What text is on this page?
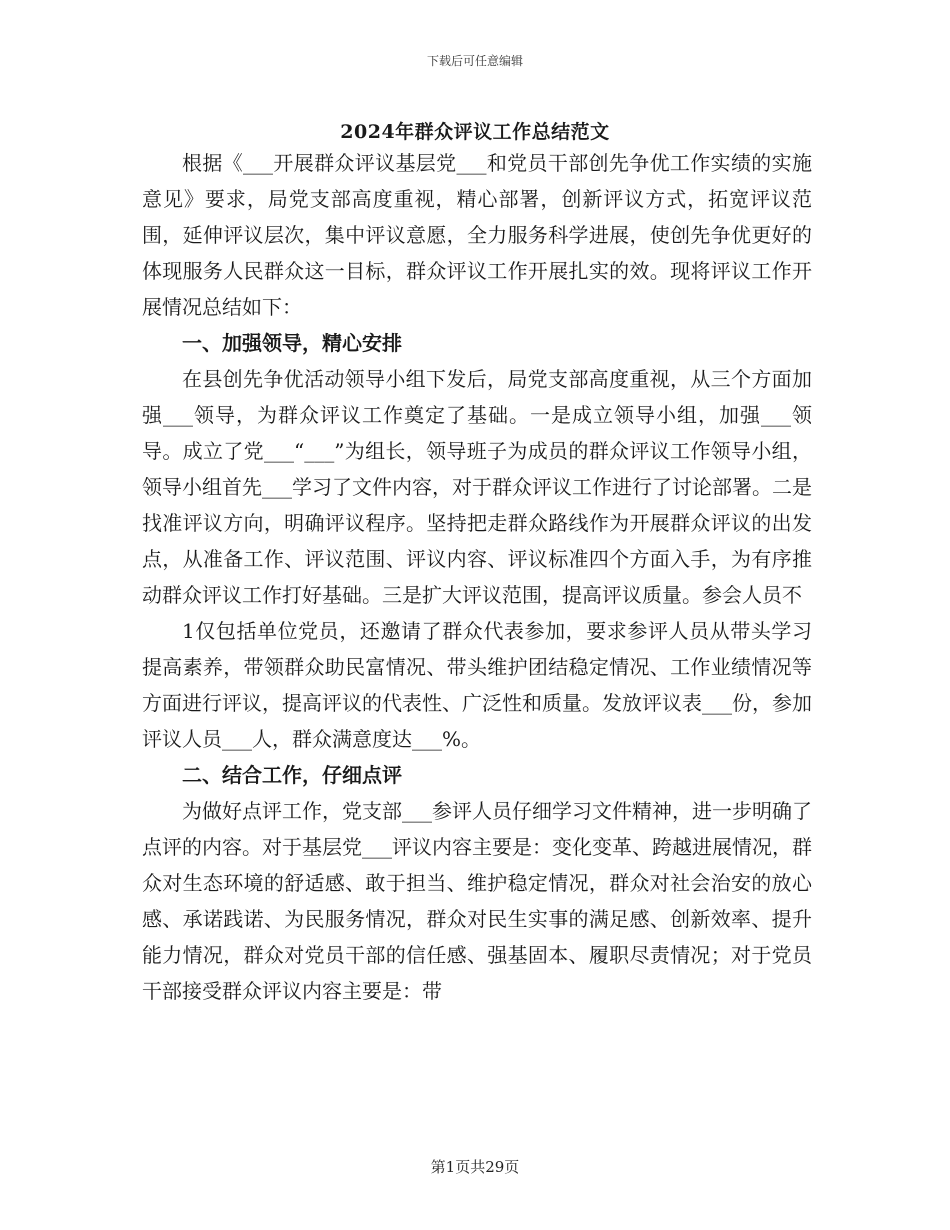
下载后可任意编辑
2024年群众评议工作总结范文

根据《___开展群众评议基层党___和党员干部创先争优工作实绩的实施意见》要求，局党支部高度重视，精心部署，创新评议方式，拓宽评议范围，延伸评议层次，集中评议意愿，全力服务科学进展，使创先争优更好的体现服务人民群众这一目标，群众评议工作开展扎实的效。现将评议工作开展情况总结如下：

一、加强领导，精心安排

在县创先争优活动领导小组下发后，局党支部高度重视，从三个方面加强___领导，为群众评议工作奠定了基础。一是成立领导小组，加强___领导。成立了党___“___”为组长，领导班子为成员的群众评议工作领导小组，领导小组首先___学习了文件内容，对于群众评议工作进行了讨论部署。二是找准评议方向，明确评议程序。坚持把走群众路线作为开展群众评议的出发点，从准备工作、评议范围、评议内容、评议标准四个方面入手，为有序推动群众评议工作打好基础。三是扩大评议范围，提高评议质量。参会人员不

1仅包括单位党员，还邀请了群众代表参加，要求参评人员从带头学习提高素养，带领群众助民富情况、带头维护团结稳定情况、工作业绩情况等方面进行评议，提高评议的代表性、广泛性和质量。发放评议表___份，参加评议人员___人，群众满意度达___%。

二、结合工作，仔细点评

为做好点评工作，党支部___参评人员仔细学习文件精神，进一步明确了点评的内容。对于基层党___评议内容主要是：变化变革、跨越进展情况，群众对生态环境的舒适感、敢于担当、维护稳定情况，群众对社会治安的放心感、承诺践诺、为民服务情况，群众对民生实事的满足感、创新效率、提升能力情况，群众对党员干部的信任感、强基固本、履职尽责情况；对于党员干部接受群众评议内容主要是：带

第1页共29页
